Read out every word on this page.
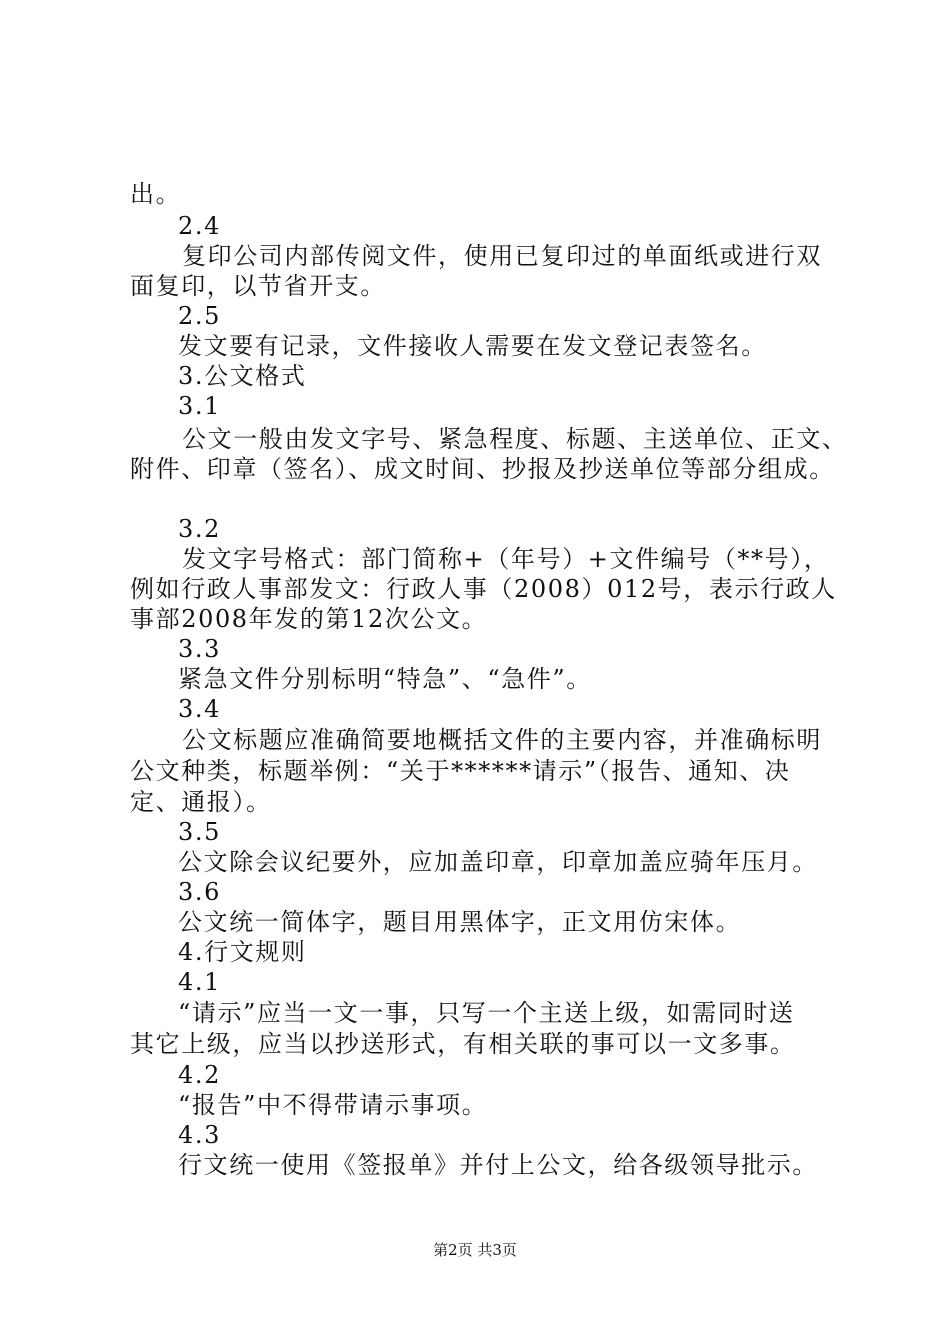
出。
2.4
复印公司内部传阅文件，使用已复印过的单面纸或进行双
面复印，以节省开支。
2.5
发文要有记录，文件接收人需要在发文登记表签名。
3.公文格式
3.1
公文一般由发文字号、紧急程度、标题、主送单位、正文、
附件、印章（签名）、成文时间、抄报及抄送单位等部分组成。
3.2
发文字号格式：部门简称+（年号）+文件编号（**号），
例如行政人事部发文：行政人事（2008）012号，表示行政人
事部2008年发的第12次公文。
3.3
紧急文件分别标明“特急”、“急件”。
3.4
公文标题应准确简要地概括文件的主要内容，并准确标明
公文种类，标题举例：“关于******请示”（报告、通知、决
定、通报）。
3.5
公文除会议纪要外，应加盖印章，印章加盖应骑年压月。
3.6
公文统一简体字，题目用黑体字，正文用仿宋体。
4.行文规则
4.1
“请示”应当一文一事，只写一个主送上级，如需同时送
其它上级，应当以抄送形式，有相关联的事可以一文多事。
4.2
“报告”中不得带请示事项。
4.3
行文统一使用《签报单》并付上公文，给各级领导批示。
第2页 共3页
